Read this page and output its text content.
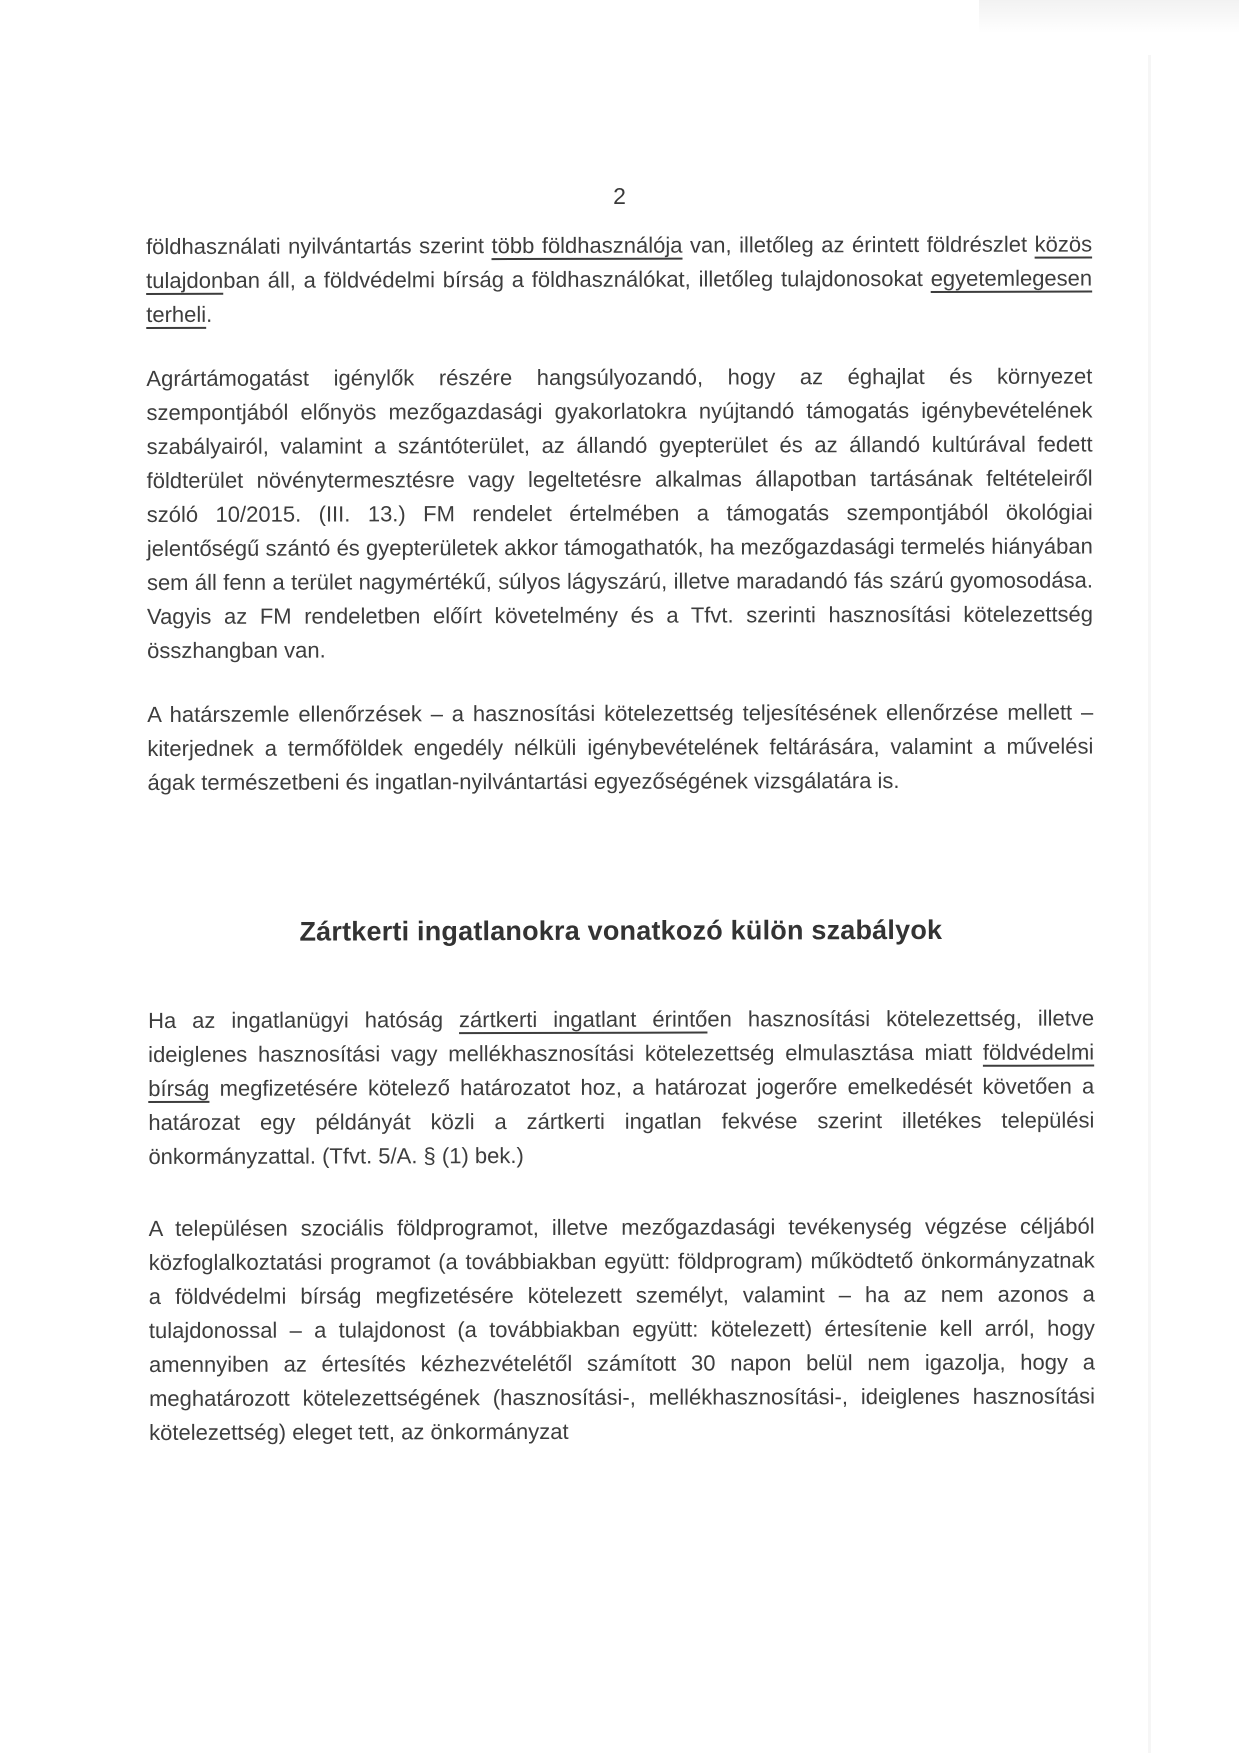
2

földhasználati nyilvántartás szerint több földhasználója van, illetőleg az érintett földrészlet közös tulajdonban áll, a földvédelmi bírság a földhasználókat, illetőleg tulajdonosokat egyetemlegesen terheli.

Agrártámogatást igénylők részére hangsúlyozandó, hogy az éghajlat és környezet szempontjából előnyös mezőgazdasági gyakorlatokra nyújtandó támogatás igénybevételének szabályairól, valamint a szántóterület, az állandó gyepterület és az állandó kultúrával fedett földterület növénytermesztésre vagy legeltetésre alkalmas állapotban tartásának feltételeiről szóló 10/2015. (III. 13.) FM rendelet értelmében a támogatás szempontjából ökológiai jelentőségű szántó és gyepterületek akkor támogathatók, ha mezőgazdasági termelés hiányában sem áll fenn a terület nagymértékű, súlyos lágyszárú, illetve maradandó fás szárú gyomosodása. Vagyis az FM rendeletben előírt követelmény és a Tfvt. szerinti hasznosítási kötelezettség összhangban van.

A határszemle ellenőrzések – a hasznosítási kötelezettség teljesítésének ellenőrzése mellett – kiterjednek a termőföldek engedély nélküli igénybevételének feltárására, valamint a művelési ágak természetbeni és ingatlan-nyilvántartási egyezőségének vizsgálatára is.

Zártkerti ingatlanokra vonatkozó külön szabályok

Ha az ingatlanügyi hatóság zártkerti ingatlant érintően hasznosítási kötelezettség, illetve ideiglenes hasznosítási vagy mellékhasznosítási kötelezettség elmulasztása miatt földvédelmi bírság megfizetésére kötelező határozatot hoz, a határozat jogerőre emelkedését követően a határozat egy példányát közli a zártkerti ingatlan fekvése szerint illetékes települési önkormányzattal. (Tfvt. 5/A. § (1) bek.)

A településen szociális földprogramot, illetve mezőgazdasági tevékenység végzése céljából közfoglalkoztatási programot (a továbbiakban együtt: földprogram) működtető önkormányzatnak a földvédelmi bírság megfizetésére kötelezett személyt, valamint – ha az nem azonos a tulajdonossal – a tulajdonost (a továbbiakban együtt: kötelezett) értesítenie kell arról, hogy amennyiben az értesítés kézhezvételétől számított 30 napon belül nem igazolja, hogy a meghatározott kötelezettségének (hasznosítási-, mellékhasznosítási-, ideiglenes hasznosítási kötelezettség) eleget tett, az önkormányzat
